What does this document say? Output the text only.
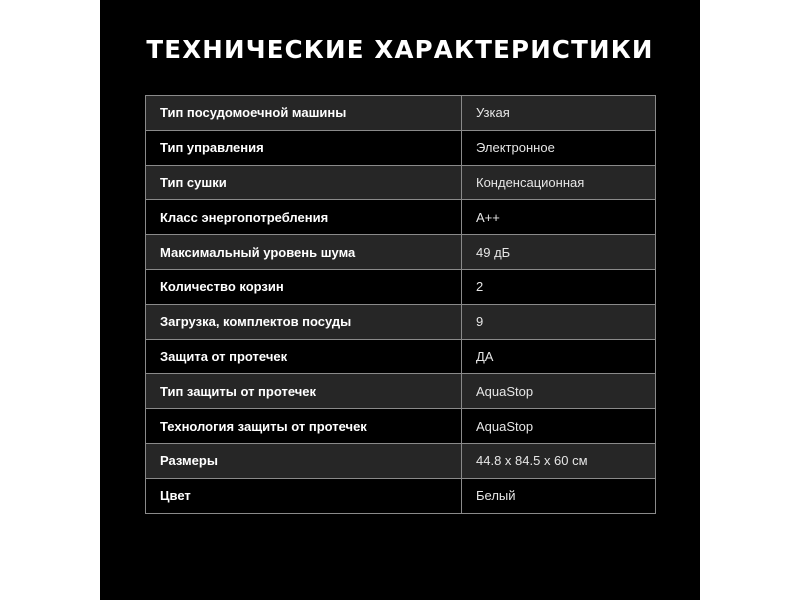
ТЕХНИЧЕСКИЕ ХАРАКТЕРИСТИКИ
Тип посудомоечной машины	Узкая
Тип управления	Электронное
Тип сушки	Конденсационная
Класс энергопотребления	A++
Максимальный уровень шума	49 дБ
Количество корзин	2
Загрузка, комплектов посуды	9
Защита от протечек	ДА
Тип защиты от протечек	AquaStop
Технология защиты от протечек	AquaStop
Размеры	44.8 x 84.5 x 60 см
Цвет	Белый
